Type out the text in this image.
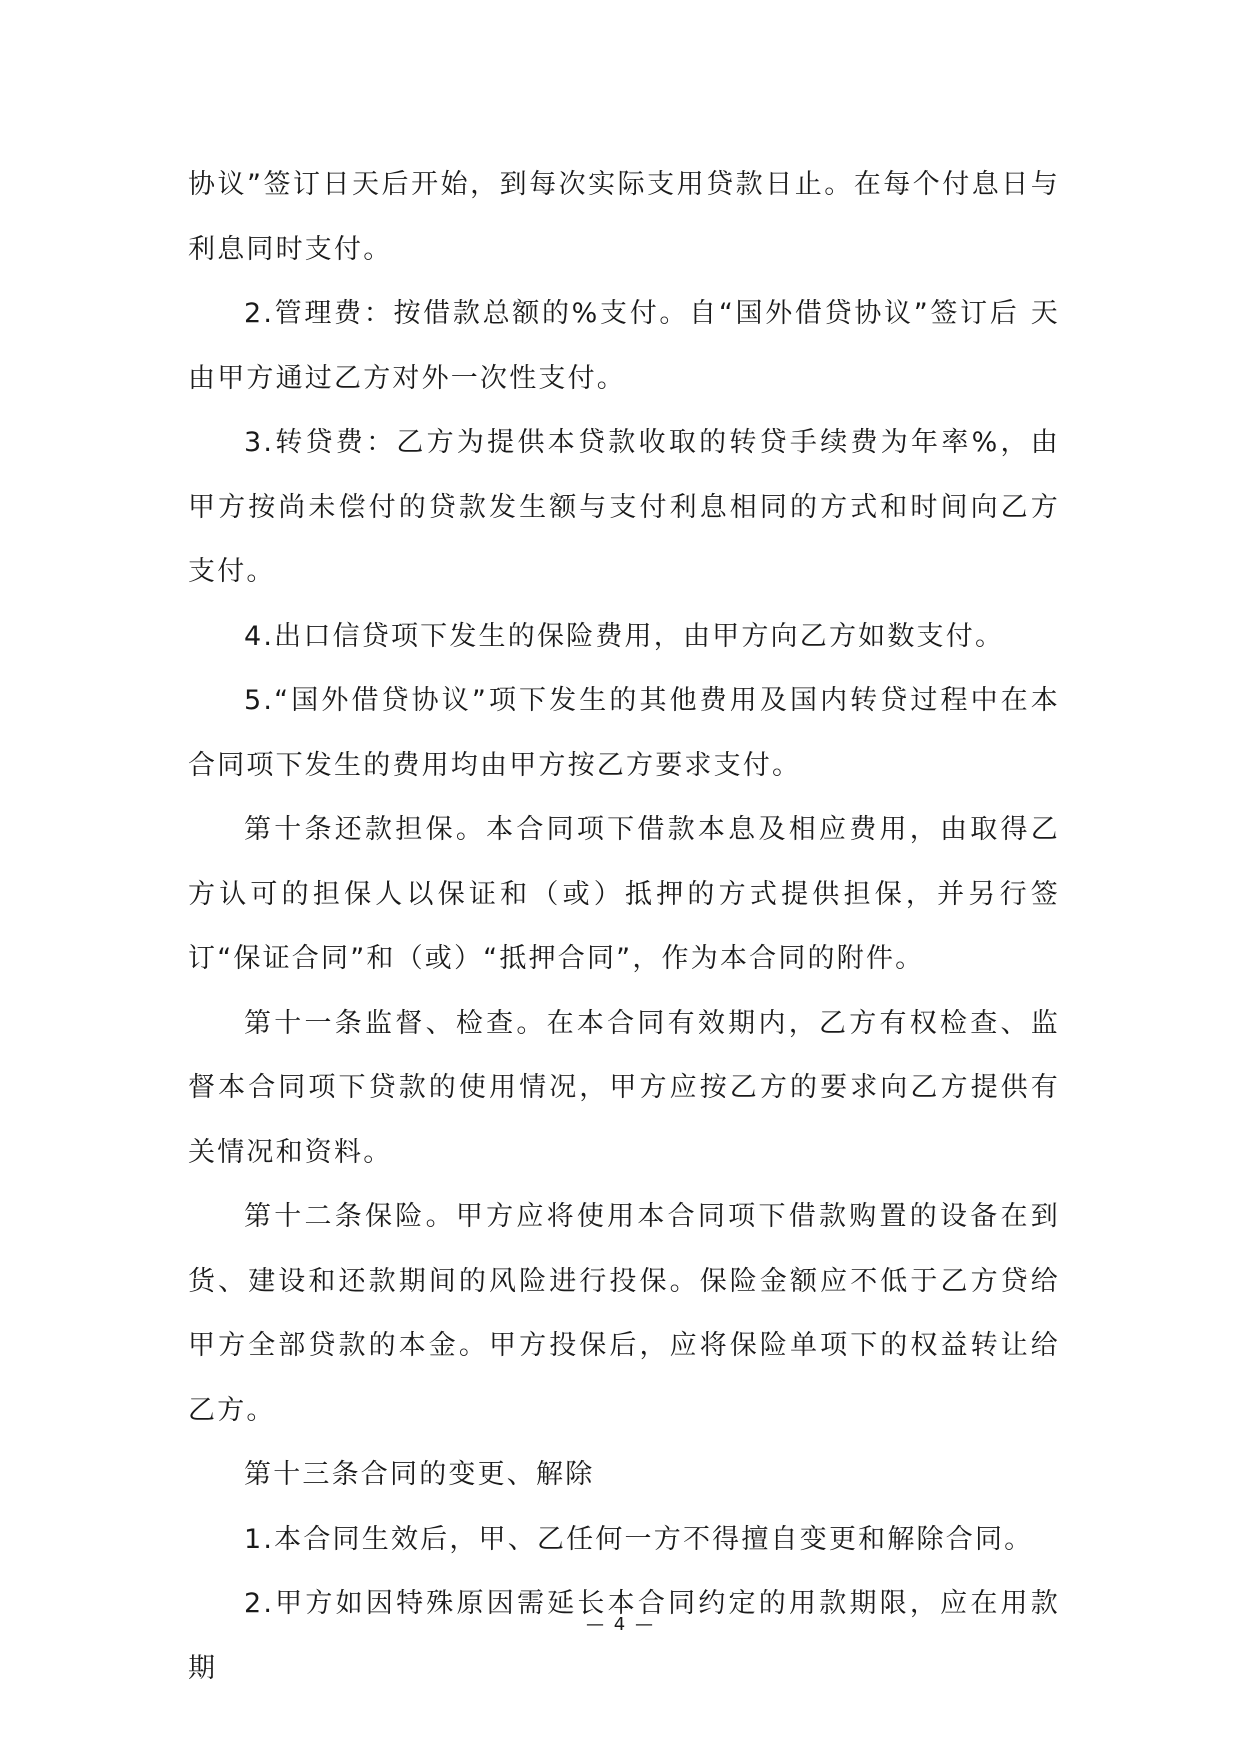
协议”签订日天后开始，到每次实际支用贷款日止。在每个付息日与利息同时支付。

2.管理费：按借款总额的%支付。自“国外借贷协议”签订后 天由甲方通过乙方对外一次性支付。

3.转贷费：乙方为提供本贷款收取的转贷手续费为年率%，由甲方按尚未偿付的贷款发生额与支付利息相同的方式和时间向乙方支付。

4.出口信贷项下发生的保险费用，由甲方向乙方如数支付。

5.“国外借贷协议”项下发生的其他费用及国内转贷过程中在本合同项下发生的费用均由甲方按乙方要求支付。

第十条还款担保。本合同项下借款本息及相应费用，由取得乙方认可的担保人以保证和（或）抵押的方式提供担保，并另行签订“保证合同”和（或）“抵押合同”，作为本合同的附件。

第十一条监督、检查。在本合同有效期内，乙方有权检查、监督本合同项下贷款的使用情况，甲方应按乙方的要求向乙方提供有关情况和资料。

第十二条保险。甲方应将使用本合同项下借款购置的设备在到货、建设和还款期间的风险进行投保。保险金额应不低于乙方贷给甲方全部贷款的本金。甲方投保后，应将保险单项下的权益转让给乙方。

第十三条合同的变更、解除

1.本合同生效后，甲、乙任何一方不得擅自变更和解除合同。

2.甲方如因特殊原因需延长本合同约定的用款期限，应在用款期

— 4 —
